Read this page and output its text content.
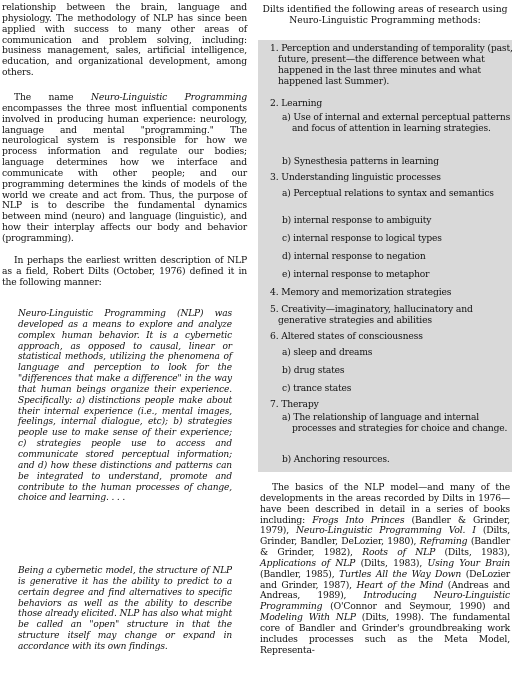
relationship between the brain, language and physiology. The methodology of NLP has since been applied with success to many other areas of communication and problem solving, including: business management, sales, artificial intelligence, education, and organizational development, among others.

The name Neuro-Linguistic Programming encompasses the three most influential components involved in producing human experience: neurology, language and mental "programming." The neurological system is responsible for how we process information and regulate our bodies; language determines how we interface and communicate with other people; and our programming determines the kinds of models of the world we create and act from. Thus, the purpose of NLP is to describe the fundamental dynamics between mind (neuro) and language (linguistic), and how their interplay affects our body and behavior (programming).

In perhaps the earliest written description of NLP as a field, Robert Dilts (October, 1976) defined it in the following manner:

Neuro-Linguistic Programming (NLP) was developed as a means to explore and analyze complex human behavior. It is a cybernetic approach, as opposed to causal, linear or statistical methods, utilizing the phenomena of language and perception to look for the "differences that make a difference" in the way that human beings organize their experience. Specifically: a) distinctions people make about their internal experience (i.e., mental images, feelings, internal dialogue, etc); b) strategies people use to make sense of their experience; c) strategies people use to access and communicate stored perceptual information; and d) how these distinctions and patterns can be integrated to understand, promote and contribute to the human processes of change, choice and learning. . . .

Being a cybernetic model, the structure of NLP is generative it has the ability to predict to a certain degree and find alternatives to specific behaviors as well as the ability to describe those already elicited. NLP has also what might be called an "open" structure in that the structure itself may change or expand in accordance with its own findings.

Dilts identified the following areas of research using Neuro-Linguistic Programming methods:
1. Perception and understanding of temporality (past, future, present—the difference between what happened in the last three minutes and what happened last Summer).
2. Learning
a) Use of internal and external perceptual patterns and focus of attention in learning strategies.
b) Synesthesia patterns in learning
3. Understanding linguistic processes
a) Perceptual relations to syntax and semantics
b) internal response to ambiguity
c) internal response to logical types
d) internal response to negation
e) internal response to metaphor
4. Memory and memorization strategies
5. Creativity—imaginatory, hallucinatory and generative strategies and abilities
6. Altered states of consciousness
a) sleep and dreams
b) drug states
c) trance states
7. Therapy
a) The relationship of language and internal processes and strategies for choice and change.
b) Anchoring resources.

The basics of the NLP model—and many of the developments in the areas recorded by Dilts in 1976—have been described in detail in a series of books including: Frogs Into Princes (Bandler & Grinder, 1979), Neuro-Linguistic Programming Vol. I (Dilts, Grinder, Bandler, DeLozier, 1980), Reframing (Bandler & Grinder, 1982), Roots of NLP (Dilts, 1983), Applications of NLP (Dilts, 1983), Using Your Brain (Bandler, 1985), Turtles All the Way Down (DeLozier and Grinder, 1987), Heart of the Mind (Andreas and Andreas, 1989), Introducing Neuro-Linguistic Programming (O'Connor and Seymour, 1990) and Modeling With NLP (Dilts, 1998). The fundamental core of Bandler and Grinder's groundbreaking work includes processes such as the Meta Model, Representa-
